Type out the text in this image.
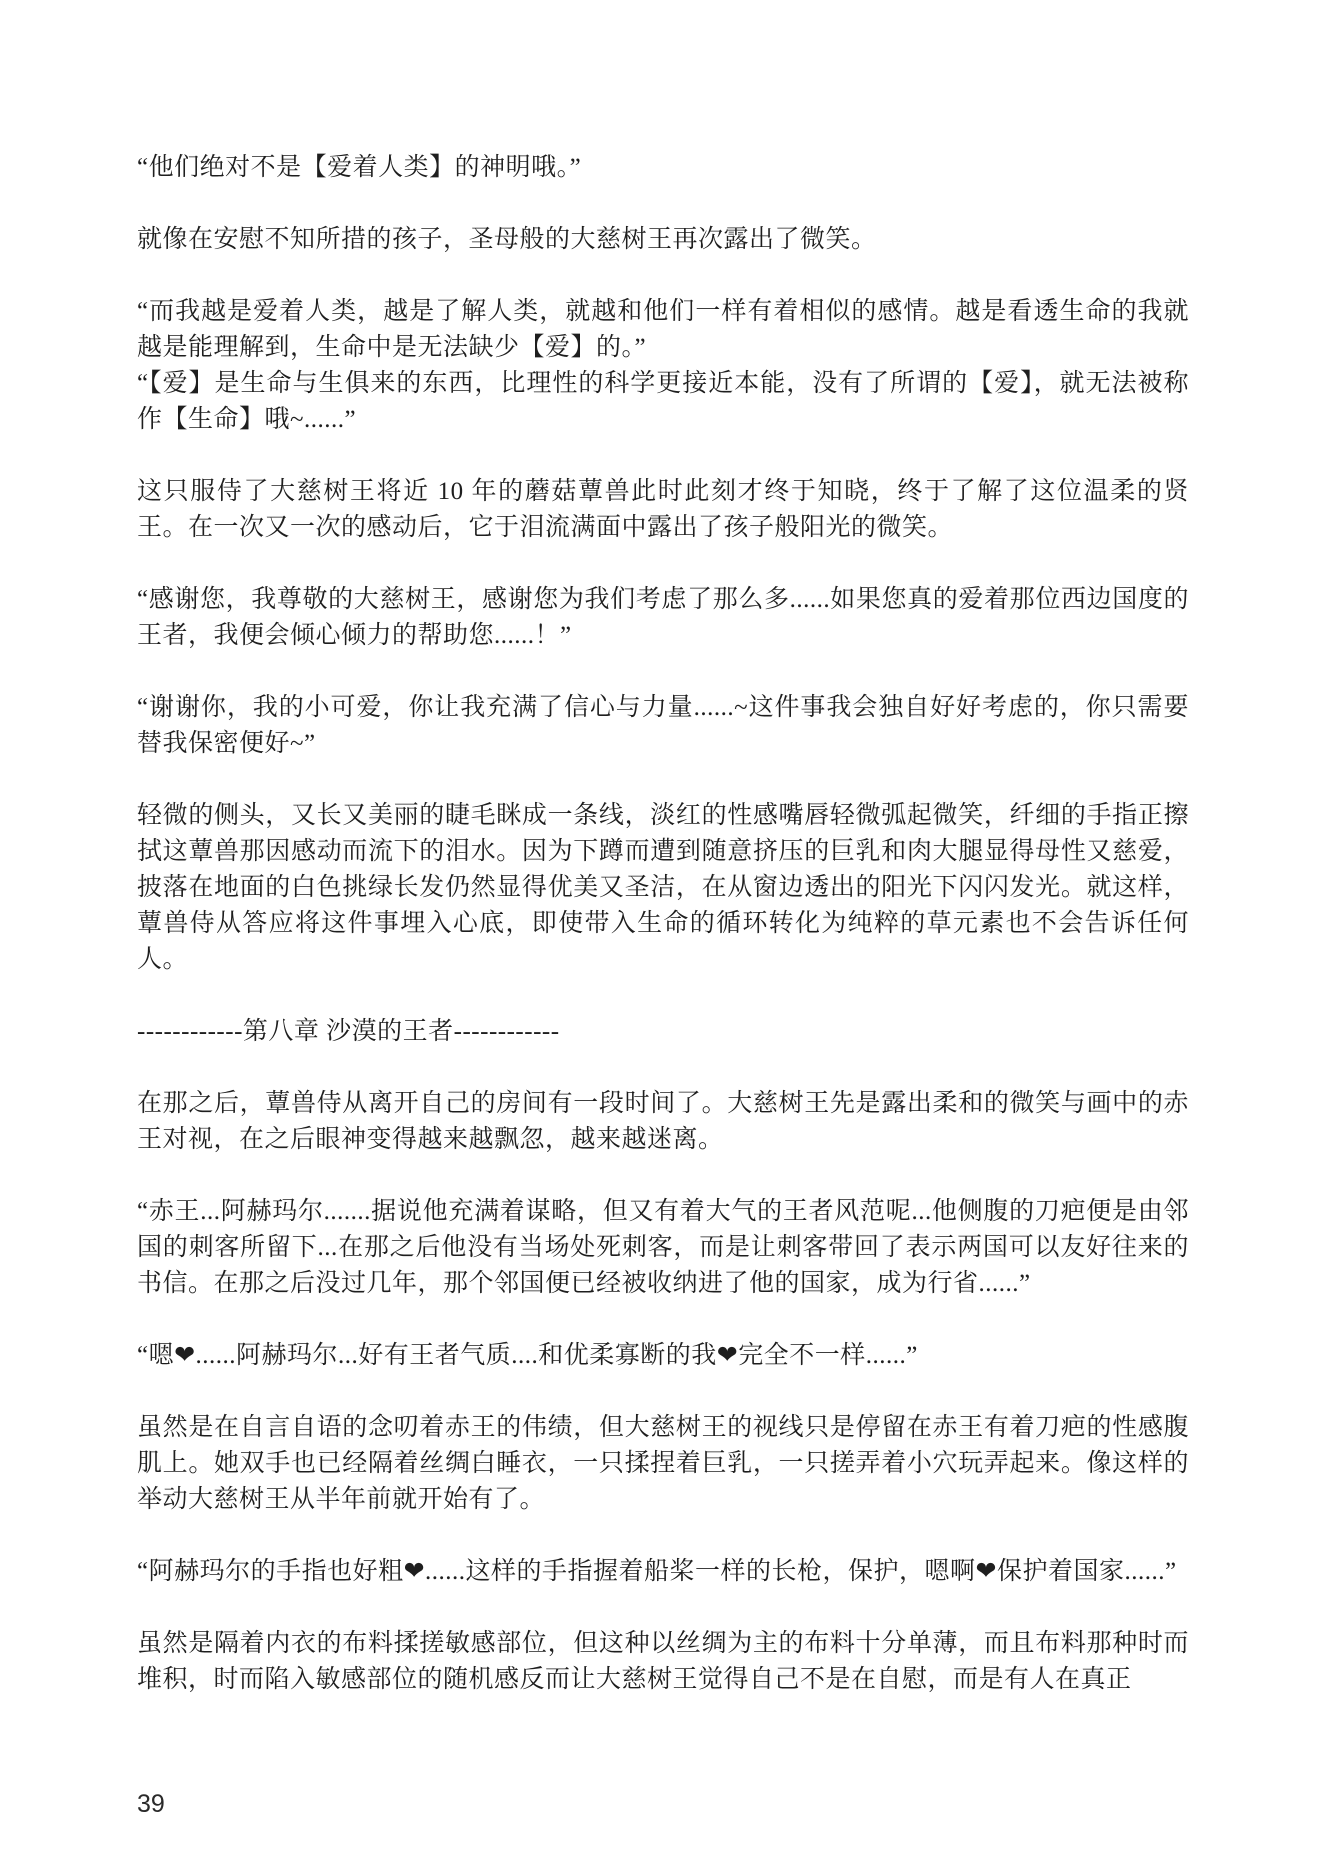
“他们绝对不是【爱着人类】的神明哦。”

就像在安慰不知所措的孩子，圣母般的大慈树王再次露出了微笑。

“而我越是爱着人类，越是了解人类，就越和他们一样有着相似的感情。越是看透生命的我就越是能理解到，生命中是无法缺少【爱】的。”

“【爱】是生命与生俱来的东西，比理性的科学更接近本能，没有了所谓的【爱】，就无法被称作【生命】哦~......”

这只服侍了大慈树王将近 10 年的蘑菇蕈兽此时此刻才终于知晓，终于了解了这位温柔的贤王。在一次又一次的感动后，它于泪流满面中露出了孩子般阳光的微笑。

“感谢您，我尊敬的大慈树王，感谢您为我们考虑了那么多......如果您真的爱着那位西边国度的王者，我便会倾心倾力的帮助您......！”

“谢谢你，我的小可爱，你让我充满了信心与力量......~这件事我会独自好好考虑的，你只需要替我保密便好~”

轻微的侧头，又长又美丽的睫毛眯成一条线，淡红的性感嘴唇轻微弧起微笑，纤细的手指正擦拭这蕈兽那因感动而流下的泪水。因为下蹲而遭到随意挤压的巨乳和肉大腿显得母性又慈爱，披落在地面的白色挑绿长发仍然显得优美又圣洁，在从窗边透出的阳光下闪闪发光。就这样，蕈兽侍从答应将这件事埋入心底，即使带入生命的循环转化为纯粹的草元素也不会告诉任何人。

------------第八章 沙漠的王者------------

在那之后，蕈兽侍从离开自己的房间有一段时间了。大慈树王先是露出柔和的微笑与画中的赤王对视，在之后眼神变得越来越飘忽，越来越迷离。

“赤王...阿赫玛尔.......据说他充满着谋略，但又有着大气的王者风范呢...他侧腹的刀疤便是由邻国的刺客所留下...在那之后他没有当场处死刺客，而是让刺客带回了表示两国可以友好往来的书信。在那之后没过几年，那个邻国便已经被收纳进了他的国家，成为行省......”

“嗯❤......阿赫玛尔...好有王者气质....和优柔寡断的我❤完全不一样......”

虽然是在自言自语的念叨着赤王的伟绩，但大慈树王的视线只是停留在赤王有着刀疤的性感腹肌上。她双手也已经隔着丝绸白睡衣，一只揉捏着巨乳，一只搓弄着小穴玩弄起来。像这样的举动大慈树王从半年前就开始有了。

“阿赫玛尔的手指也好粗❤......这样的手指握着船桨一样的长枪，保护，嗯啊❤保护着国家......”

虽然是隔着内衣的布料揉搓敏感部位，但这种以丝绸为主的布料十分单薄，而且布料那种时而堆积，时而陷入敏感部位的随机感反而让大慈树王觉得自己不是在自慰，而是有人在真正

39
